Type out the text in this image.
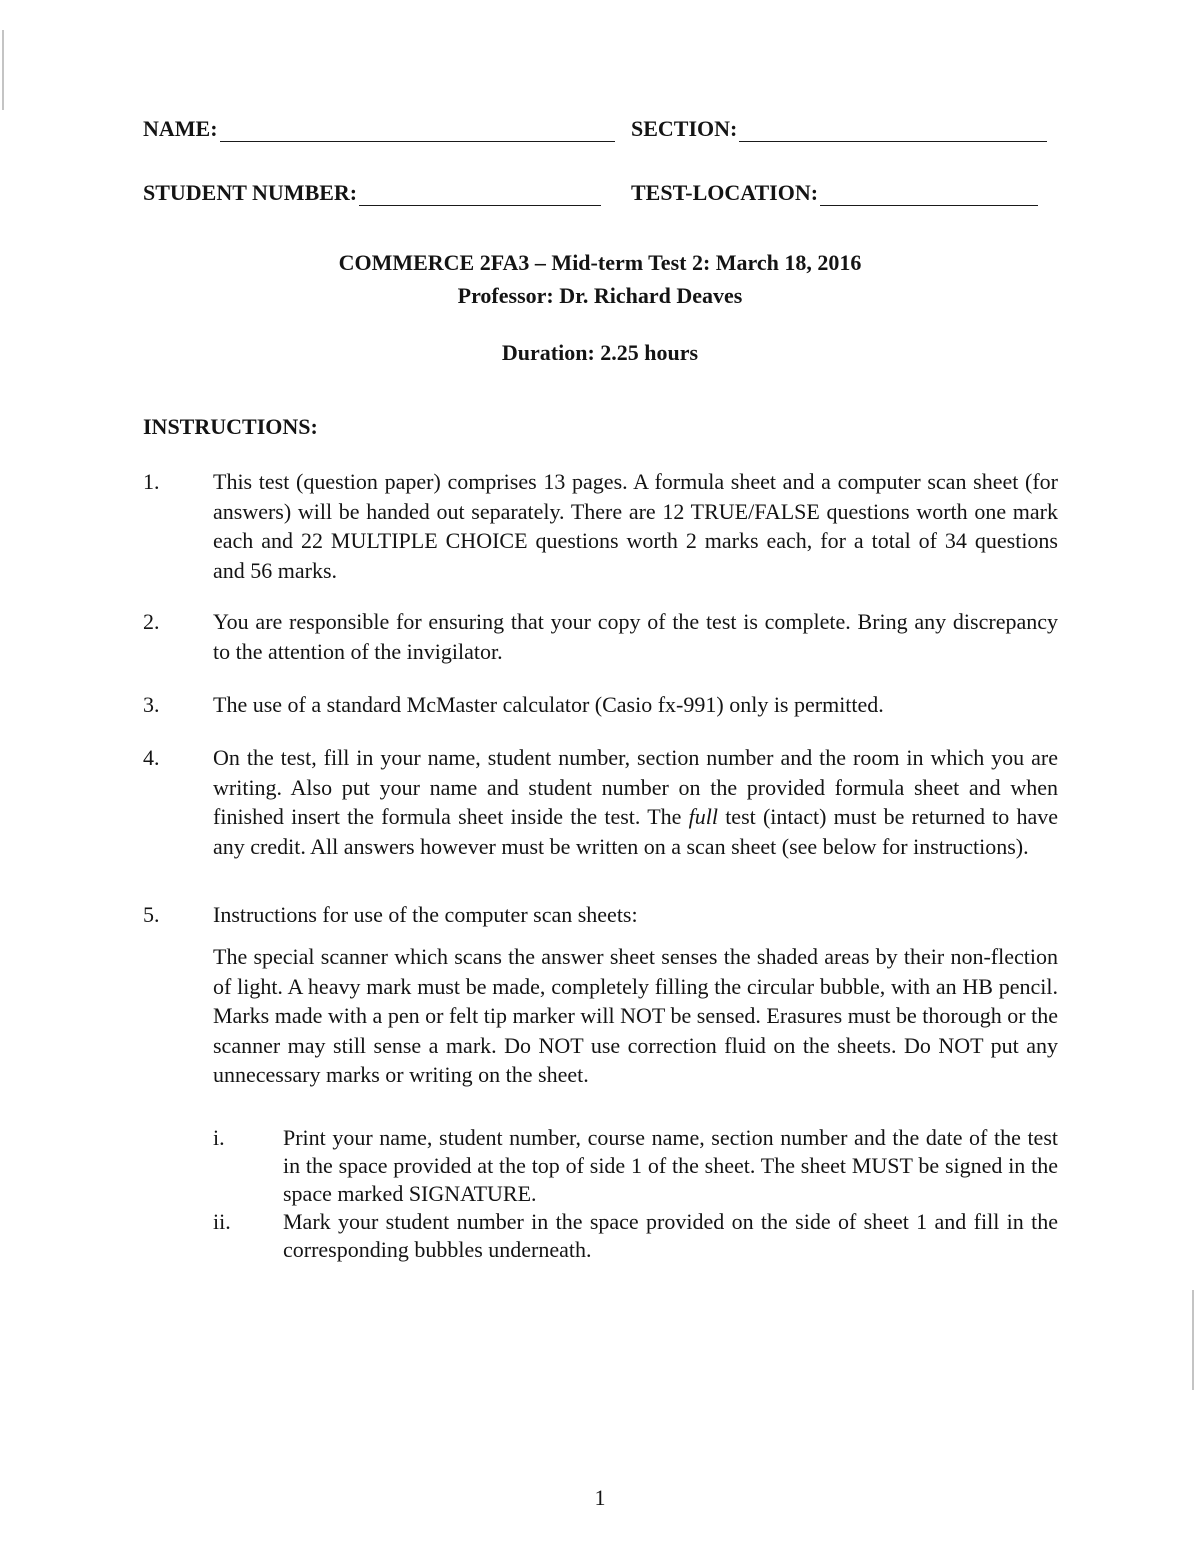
NAME:	SECTION:
STUDENT NUMBER:	TEST-LOCATION:
COMMERCE 2FA3 – Mid-term Test 2: March 18, 2016
Professor: Dr. Richard Deaves
Duration: 2.25 hours
INSTRUCTIONS:
1. This test (question paper) comprises 13 pages. A formula sheet and a computer scan sheet (for answers) will be handed out separately. There are 12 TRUE/FALSE questions worth one mark each and 22 MULTIPLE CHOICE questions worth 2 marks each, for a total of 34 questions and 56 marks.
2. You are responsible for ensuring that your copy of the test is complete. Bring any discrepancy to the attention of the invigilator.
3. The use of a standard McMaster calculator (Casio fx-991) only is permitted.
4. On the test, fill in your name, student number, section number and the room in which you are writing. Also put your name and student number on the provided formula sheet and when finished insert the formula sheet inside the test. The full test (intact) must be returned to have any credit. All answers however must be written on a scan sheet (see below for instructions).
5. Instructions for use of the computer scan sheets:
The special scanner which scans the answer sheet senses the shaded areas by their non-flection of light. A heavy mark must be made, completely filling the circular bubble, with an HB pencil. Marks made with a pen or felt tip marker will NOT be sensed. Erasures must be thorough or the scanner may still sense a mark. Do NOT use correction fluid on the sheets. Do NOT put any unnecessary marks or writing on the sheet.
i.	Print your name, student number, course name, section number and the date of the test in the space provided at the top of side 1 of the sheet. The sheet MUST be signed in the space marked SIGNATURE.
ii. Mark your student number in the space provided on the side of sheet 1 and fill in the corresponding bubbles underneath.
1
